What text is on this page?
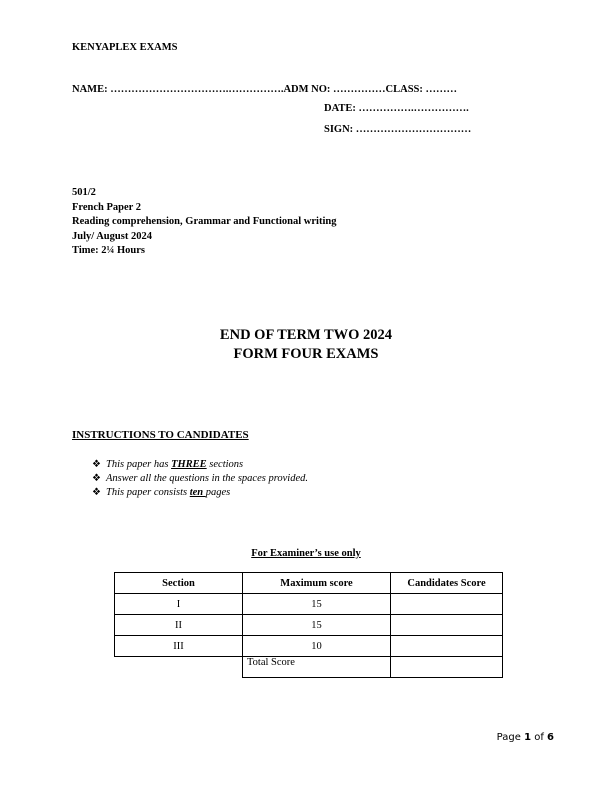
KENYAPLEX EXAMS
NAME: …………………………….…………….ADM NO: ……………CLASS: ………
DATE: …………….…………….
SIGN: ……………………………
501/2
French Paper 2
Reading comprehension, Grammar and Functional writing
July/ August 2024
Time: 2¼ Hours
END OF TERM TWO 2024
FORM FOUR EXAMS
INSTRUCTIONS TO CANDIDATES
❖ This paper has THREE sections
❖ Answer all the questions in the spaces provided.
❖ This paper consists ten pages
For Examiner’s use only
Section	Maximum score	Candidates Score
I	15	
II	15	
III	10	
	Total Score	
Page 1 of 6
